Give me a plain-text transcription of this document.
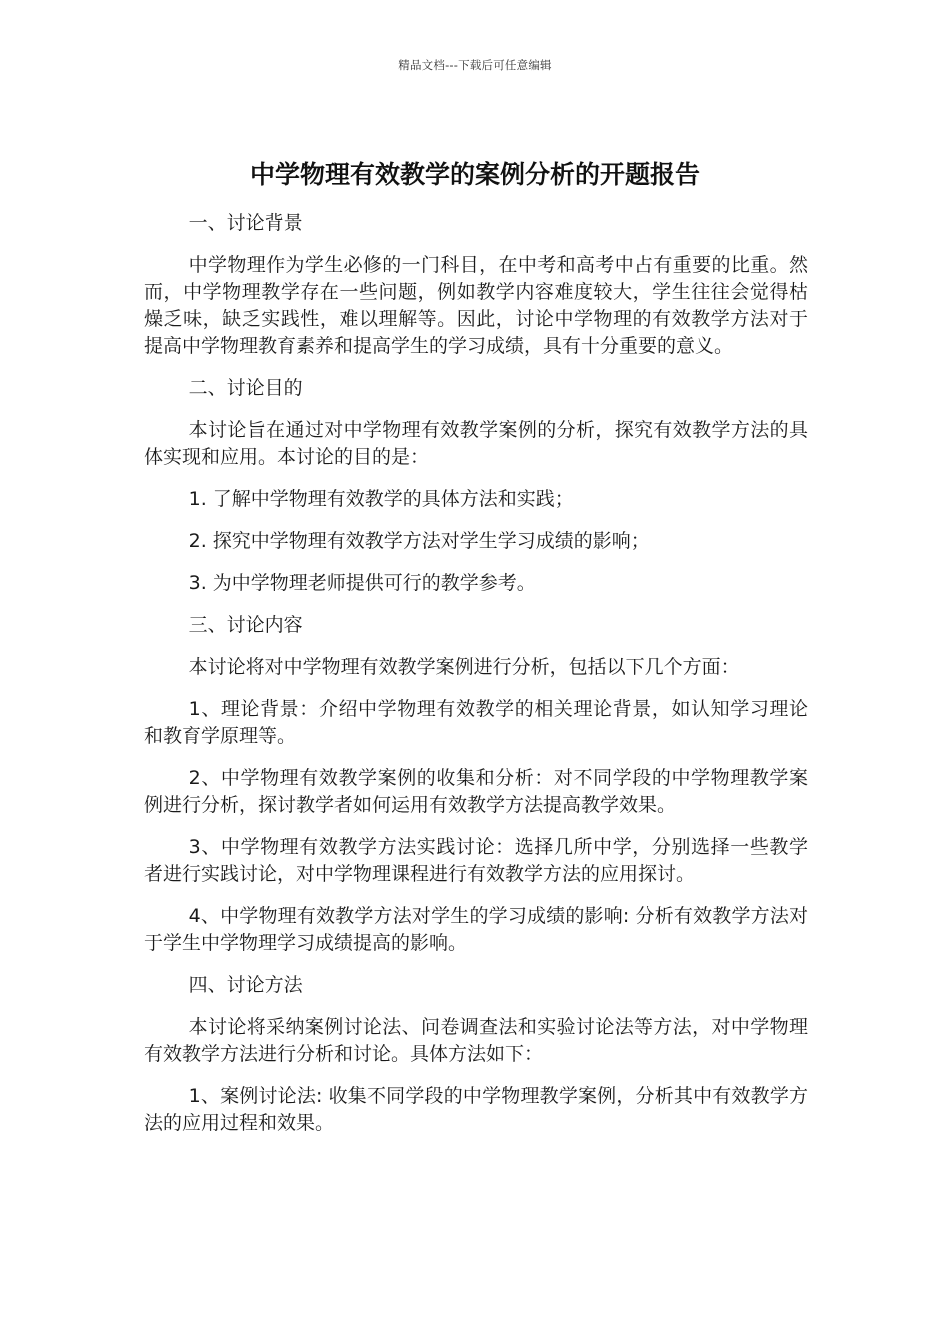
精品文档---下载后可任意编辑
中学物理有效教学的案例分析的开题报告

一、讨论背景

中学物理作为学生必修的一门科目，在中考和高考中占有重要的比重。然而，中学物理教学存在一些问题，例如教学内容难度较大，学生往往会觉得枯燥乏味，缺乏实践性，难以理解等。因此，讨论中学物理的有效教学方法对于提高中学物理教育素养和提高学生的学习成绩，具有十分重要的意义。

二、讨论目的

本讨论旨在通过对中学物理有效教学案例的分析，探究有效教学方法的具体实现和应用。本讨论的目的是：

1. 了解中学物理有效教学的具体方法和实践；

2. 探究中学物理有效教学方法对学生学习成绩的影响；

3. 为中学物理老师提供可行的教学参考。

三、讨论内容

本讨论将对中学物理有效教学案例进行分析，包括以下几个方面：

1、理论背景：介绍中学物理有效教学的相关理论背景，如认知学习理论和教育学原理等。

2、中学物理有效教学案例的收集和分析：对不同学段的中学物理教学案例进行分析，探讨教学者如何运用有效教学方法提高教学效果。

3、中学物理有效教学方法实践讨论：选择几所中学，分别选择一些教学者进行实践讨论，对中学物理课程进行有效教学方法的应用探讨。

4、中学物理有效教学方法对学生的学习成绩的影响: 分析有效教学方法对于学生中学物理学习成绩提高的影响。

四、讨论方法

本讨论将采纳案例讨论法、问卷调查法和实验讨论法等方法，对中学物理有效教学方法进行分析和讨论。具体方法如下：

1、案例讨论法: 收集不同学段的中学物理教学案例，分析其中有效教学方法的应用过程和效果。
